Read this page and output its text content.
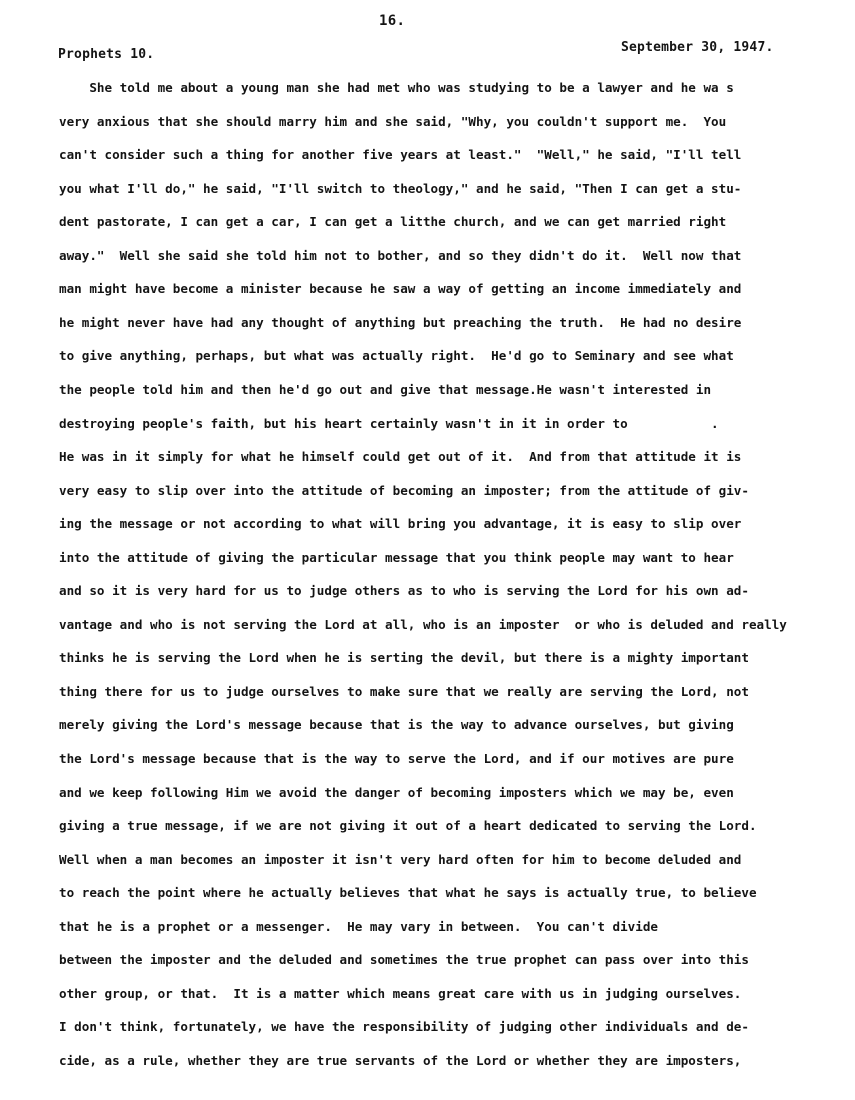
16.
Prophets 10.	September 30, 1947.
She told me about a young man she had met who was studying to be a lawyer and he wa s
very anxious that she should marry him and she said, "Why, you couldn't support me.  You
can't consider such a thing for another five years at least."  "Well," he said, "I'll tell
you what I'll do," he said, "I'll switch to theology," and he said, "Then I can get a stu-
dent pastorate, I can get a car, I can get a litthe church, and we can get married right
away."  Well she said she told him not to bother, and so they didn't do it.  Well now that
man might have become a minister because he saw a way of getting an income immediately and
he might never have had any thought of anything but preaching the truth.  He had no desire
to give anything, perhaps, but what was actually right.  He'd go to Seminary and see what
the people told him and then he'd go out and give that message.He wasn't interested in
destroying people's faith, but his heart certainly wasn't in it in order to           .
He was in it simply for what he himself could get out of it.  And from that attitude it is
very easy to slip over into the attitude of becoming an imposter; from the attitude of giv-
ing the message or not according to what will bring you advantage, it is easy to slip over
into the attitude of giving the particular message that you think people may want to hear
and so it is very hard for us to judge others as to who is serving the Lord for his own ad-
vantage and who is not serving the Lord at all, who is an imposter  or who is deluded and really
thinks he is serving the Lord when he is serting the devil, but there is a mighty important
thing there for us to judge ourselves to make sure that we really are serving the Lord, not
merely giving the Lord's message because that is the way to advance ourselves, but giving
the Lord's message because that is the way to serve the Lord, and if our motives are pure
and we keep following Him we avoid the danger of becoming imposters which we may be, even
giving a true message, if we are not giving it out of a heart dedicated to serving the Lord.
Well when a man becomes an imposter it isn't very hard often for him to become deluded and
to reach the point where he actually believes that what he says is actually true, to believe
that he is a prophet or a messenger.  He may vary in between.  You can't divide
between the imposter and the deluded and sometimes the true prophet can pass over into this
other group, or that.  It is a matter which means great care with us in judging ourselves.
I don't think, fortunately, we have the responsibility of judging other individuals and de-
cide, as a rule, whether they are true servants of the Lord or whether they are imposters,
